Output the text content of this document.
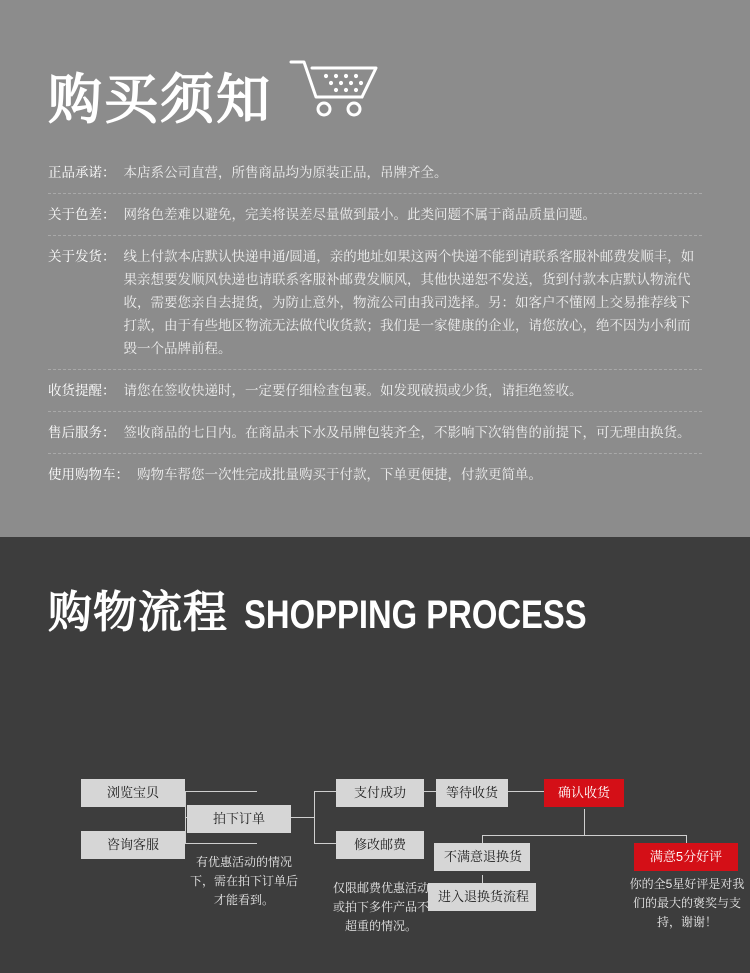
购买须知
正品承诺： 本店系公司直营，所售商品均为原装正品，吊牌齐全。
关于色差： 网络色差难以避免，完美将误差尽量做到最小。此类问题不属于商品质量问题。
关于发货： 线上付款本店默认快递申通/圆通，亲的地址如果这两个快递不能到请联系客服补邮费发顺丰，如果亲想要发顺风快递也请联系客服补邮费发顺风，其他快递恕不发送，货到付款本店默认物流代收，需要您亲自去提货，为防止意外，物流公司由我司选择。另：如客户不懂网上交易推荐线下打款，由于有些地区物流无法做代收货款；我们是一家健康的企业，请您放心，绝不因为小利而毁一个品牌前程。
收货提醒： 请您在签收快递时，一定要仔细检查包裹。如发现破损或少货，请拒绝签收。
售后服务： 签收商品的七日内。在商品未下水及吊牌包装齐全，不影响下次销售的前提下，可无理由换货。
使用购物车： 购物车帮您一次性完成批量购买于付款，下单更便捷，付款更简单。
购物流程 SHOPPING PROCESS
浏览宝贝
咨询客服
拍下订单
支付成功
修改邮费
等待收货	确认收货
不满意退换货	满意5分好评
进入退换货流程
有优惠活动的情况下，需在拍下订单后才能看到。
仅限邮费优惠活动或拍下多件产品不超重的情况。
你的全5星好评是对我们的最大的褒奖与支持，谢谢！
